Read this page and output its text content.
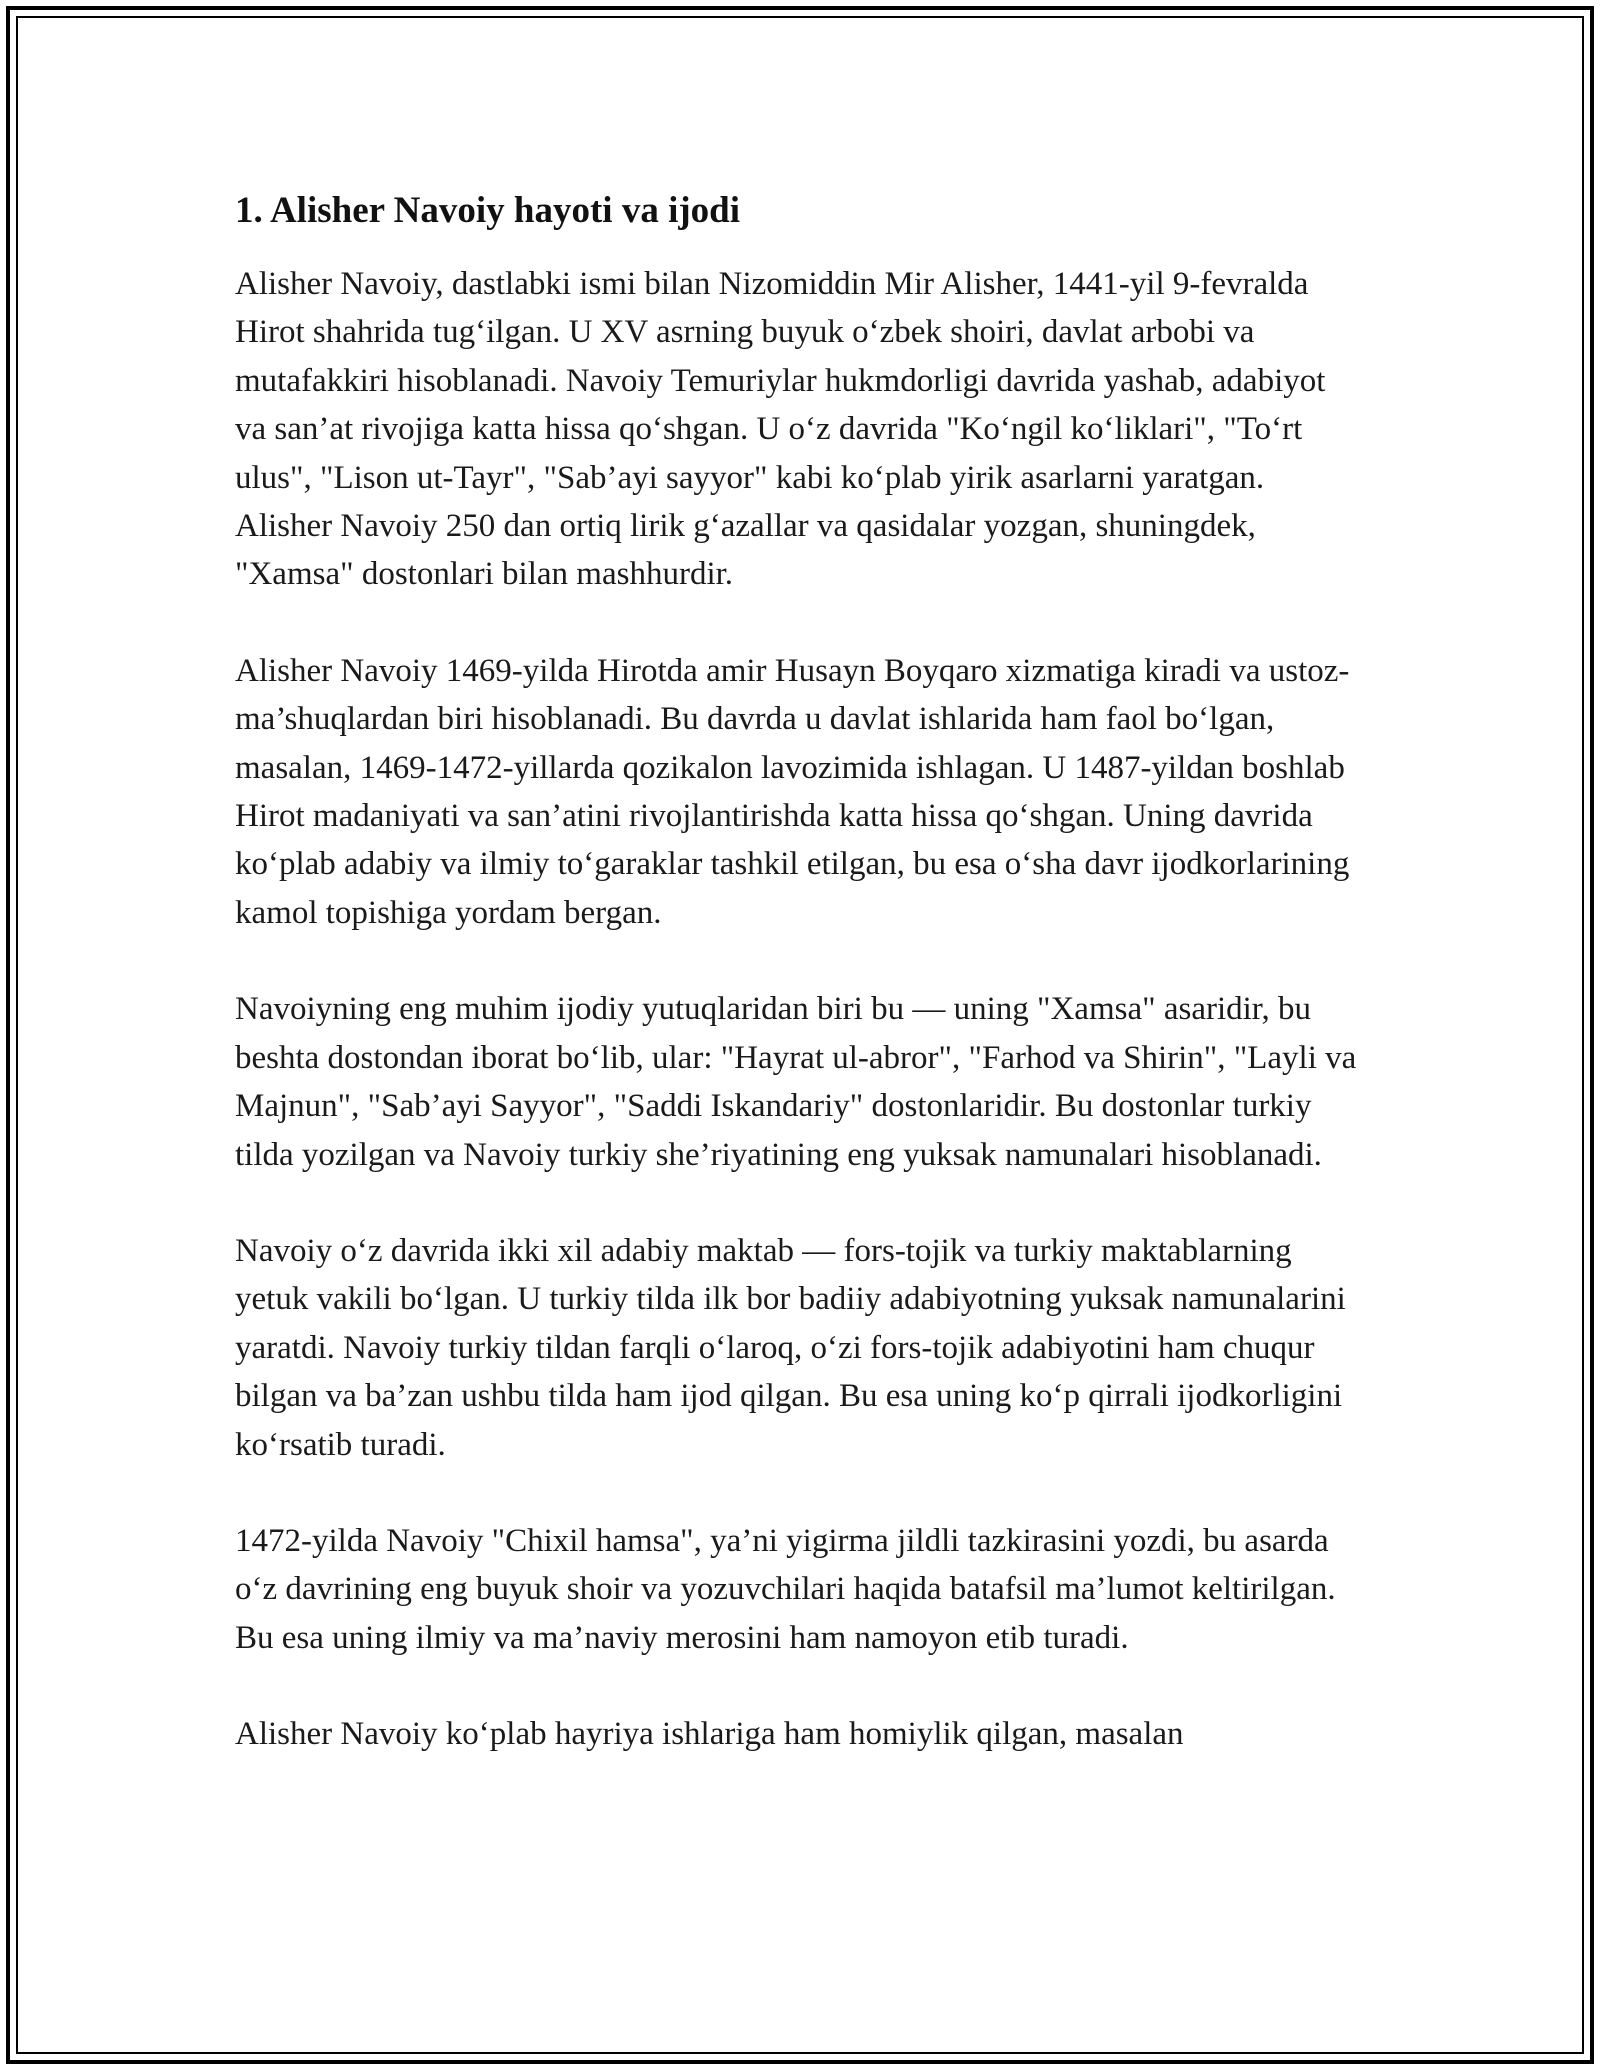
1. Alisher Navoiy hayoti va ijodi

Alisher Navoiy, dastlabki ismi bilan Nizomiddin Mir Alisher, 1441-yil 9-fevralda Hirot shahrida tug‘ilgan. U XV asrning buyuk o‘zbek shoiri, davlat arbobi va mutafakkiri hisoblanadi. Navoiy Temuriylar hukmdorligi davrida yashab, adabiyot va san’at rivojiga katta hissa qo‘shgan. U o‘z davrida "Ko‘ngil ko‘liklari", "To‘rt ulus", "Lison ut-Tayr", "Sab’ayi sayyor" kabi ko‘plab yirik asarlarni yaratgan. Alisher Navoiy 250 dan ortiq lirik g‘azallar va qasidalar yozgan, shuningdek, "Xamsa" dostonlari bilan mashhurdir.

Alisher Navoiy 1469-yilda Hirotda amir Husayn Boyqaro xizmatiga kiradi va ustoz-ma’shuqlardan biri hisoblanadi. Bu davrda u davlat ishlarida ham faol bo‘lgan, masalan, 1469-1472-yillarda qozikalon lavozimida ishlagan. U 1487-yildan boshlab Hirot madaniyati va san’atini rivojlantirishda katta hissa qo‘shgan. Uning davrida ko‘plab adabiy va ilmiy to‘garaklar tashkil etilgan, bu esa o‘sha davr ijodkorlarining kamol topishiga yordam bergan.

Navoiyning eng muhim ijodiy yutuqlaridan biri bu — uning "Xamsa" asaridir, bu beshta dostondan iborat bo‘lib, ular: "Hayrat ul-abror", "Farhod va Shirin", "Layli va Majnun", "Sab’ayi Sayyor", "Saddi Iskandariy" dostonlaridir. Bu dostonlar turkiy tilda yozilgan va Navoiy turkiy she’riyatining eng yuksak namunalari hisoblanadi.

Navoiy o‘z davrida ikki xil adabiy maktab — fors-tojik va turkiy maktablarning yetuk vakili bo‘lgan. U turkiy tilda ilk bor badiiy adabiyotning yuksak namunalarini yaratdi. Navoiy turkiy tildan farqli o‘laroq, o‘zi fors-tojik adabiyotini ham chuqur bilgan va ba’zan ushbu tilda ham ijod qilgan. Bu esa uning ko‘p qirrali ijodkorligini ko‘rsatib turadi.

1472-yilda Navoiy "Chixil hamsa", ya’ni yigirma jildli tazkirasini yozdi, bu asarda o‘z davrining eng buyuk shoir va yozuvchilari haqida batafsil ma’lumot keltirilgan. Bu esa uning ilmiy va ma’naviy merosini ham namoyon etib turadi.

Alisher Navoiy ko‘plab hayriya ishlariga ham homiylik qilgan, masalan
